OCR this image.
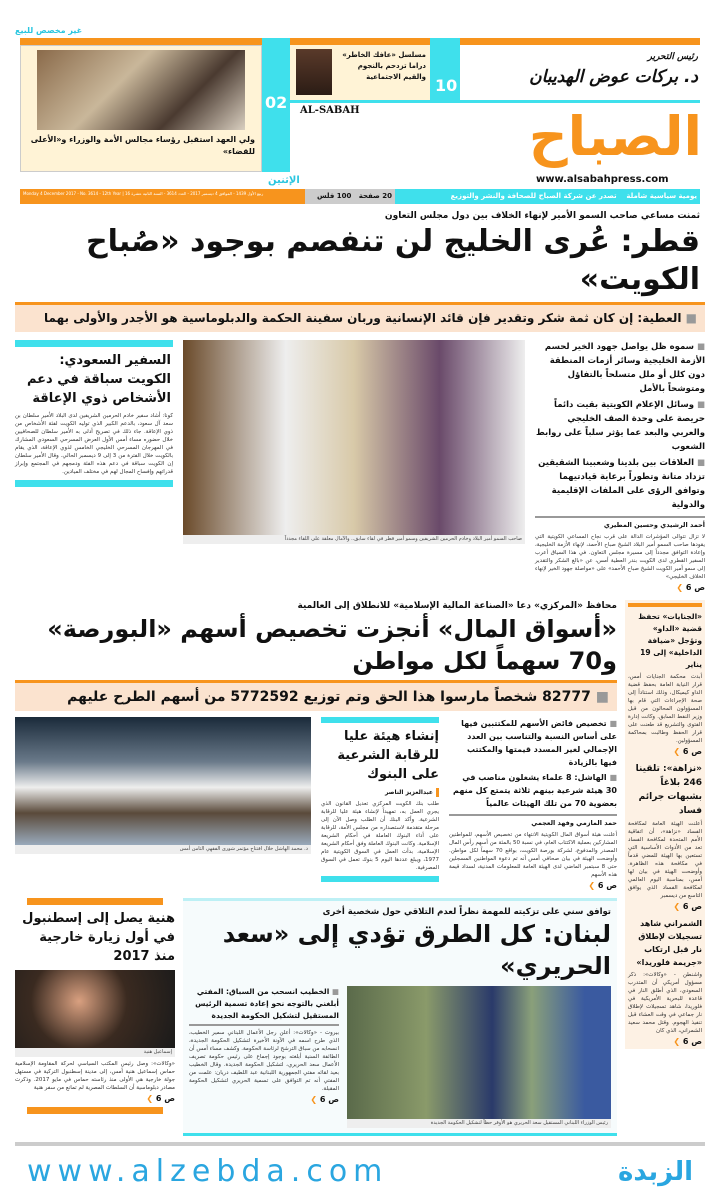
غير مخصص للبيع
ولي العهد استقبل رؤساء مجالس الأمة والوزراء و«الأعلى للقضاء»
02
مسلسل «عافك الخاطر» دراما تزدحم بالنجوم والقيم الاجتماعية 10
رئيس التحرير
د. بركات عوض الهديبان
AL-SABAH	الصباح
www.alsabahpress.com
الإثنين
Monday 4 December 2017 - No. 3614 - 12th Year | 16 ربيع الأول 1439 - الموافق 4 ديسمبر 2017 - العدد 3614 - السنة الثانية عشرة	20 صفحة   100 فلس	يومية سياسية شاملة    تصدر عن شركة الصباح للصحافة والنشر والتوزيع
ثمنت مساعي صاحب السمو الأمير لإنهاء الخلاف بين دول مجلس التعاون
قطر: عُرى الخليج لن تنفصم بوجود «صُباح الكويت»
■ العطية: إن كان ثمة شكر وتقدير فإن قائد الإنسانية وربان سفينة الحكمة والدبلوماسية هو الأجدر والأولى بهما
■ سموه ظل يواصل جهود الخير لحسم الأزمة الخليجية وسائر أزمات المنطقة دون كلل أو ملل متسلحاً بالتفاؤل ومتوشحاً بالأمل
■ وسائل الإعلام الكويتية بقيت دائماً حريصة على وحدة الصف الخليجي والعربي والبعد عما يؤثر سلباً على روابط الشعوب
■ العلاقات بين بلدينا وشعبينا الشقيقين تزداد متانة وتطوراً برعاية قيادتيهما وتوافق الرؤى على الملفات الإقليمية والدولية
أحمد الرشيدي وحسين المطيري
لا تزال تتوالى المؤشرات الدالة على قرب نجاح المساعي الكويتية التي يقودها صاحب السمو أمير البلاد الشيخ صباح الأحمد، لإنهاء الأزمة الخليجية، وإعادة التوافق مجدداً إلى مسيرة مجلس التعاون. في هذا السياق أعرب السفير القطري لدى الكويت بندر العطية أمس، عن «بالغ الشكر والتقدير إلى سمو أمير الكويت الشيخ صباح الأحمد» على «مواصلة جهود الخير لإنهاء الخلاف الخليجي»
ص 6 ❯
صاحب السمو أمير البلاد وخادم الحرمين الشريفين وسمو أمير قطر في لقاء سابق.. والآمال معلقة على اللقاء مجدداً
السفير السعودي: الكويت سباقة في دعم الأشخاص ذوي الإعاقة
كونا: أشاد سفير خادم الحرمين الشريفين لدى البلاد الأمير سلطان بن سعد آل سعود، بالدعم الكبير الذي توليه الكويت لفئة الأشخاص من ذوي الإعاقة. جاء ذلك في تصريح أدلى به الأمير سلطان للصحافيين خلال حضوره مساء أمس الأول العرض المسرحي السعودي المشارك في المهرجان المسرحي الخليجي الخامس لذوي الإعاقة، الذي يقام بالكويت خلال الفترة من 3 إلى 9 ديسمبر الحالي. وقال الأمير سلطان إن الكويت سباقة في دعم هذه الفئة ودمجهم في المجتمع وإبراز قدراتهم وإفساح المجال لهم في مختلف الميادين.
«الجنايات» تحفظ قضية «الداو» وتؤجل «ضيافة الداخلية» إلى 19 يناير
أبدت محكمة الجنايات أمس، قرار النيابة العامة بحفظ قضية الداو كيميكال، وذلك استناداً إلى صحة الإجراءات التي قام بها المسؤولون المحالون من قبل وزير النفط السابق. وكانت إدارة الفتوى والتشريع قد طعنت على قرار الحفظ وطالبت بمحاكمة المسؤولين.
ص 6 ❯
«نزاهة»: تلقينا 246 بلاغاً بشبهات جرائم فساد
أعلنت الهيئة العامة لمكافحة الفساد «نزاهة»، أن اتفاقية الأمم المتحدة لمكافحة الفساد تعد من الأدوات الأساسية التي تستعين بها الهيئة للمضي قدماً في مكافحة هذه الظاهرة. وأوضحت الهيئة في بيان لها أمس، بمناسبة اليوم العالمي لمكافحة الفساد الذي يوافق التاسع من ديسمبر
ص 6 ❯
الشمراني شاهد تسجيلات لإطلاق نار قبل ارتكاب «جريمة فلوريدا»
واشنطن - «وكالات»: ذكر مسؤول أمريكي أن المتدرب السعودي، الذي أطلق النار في قاعدة للبحرية الأمريكية في فلوريدا، شاهد تسجيلات لإطلاق نار جماعي في وقت العشاء قبل تنفيذ الهجوم. وقتل محمد سعيد الشمراني، الذي كان
ص 6 ❯
محافظ «المركزي» دعا «الصناعة المالية الإسلامية» للانطلاق إلى العالمية
«أسواق المال» أنجزت تخصيص أسهم «البورصة» و70 سهماً لكل مواطن
■ 82777 شخصاً مارسوا هذا الحق وتم توزيع 5772592 من أسهم الطرح عليهم
■ تخصيص فائض الأسهم للمكتتبين فيها على أساس النسبة والتناسب بين العدد الإجمالي لغير المسدد قيمتها والمكتتب فيها بالزيادة
■ الهاشل: 8 علماء يشغلون مناصب في 30 هيئة شرعية بينهم ثلاثة يتمتع كل منهم بعضوية 70 من تلك الهيئات عالمياً
حمد المازمي وفهد العجمي
أعلنت هيئة أسواق المال الكويتية الانتهاء من تخصيص الأسهم، للمواطنين المشاركين بعملية الاكتتاب العام، في نسبة 50 بالمئة من أسهم رأس المال المصدر والمدفوع، لشركة بورصة الكويت، بواقع 70 سهماً لكل مواطن. وأوضحت الهيئة في بيان صحافي أمس أنه تم دعوة المواطنين المسجلين حتى 8 سبتمبر الماضي لدى الهيئة العامة للمعلومات المدنية، لسداد قيمة هذه الأسهم
ص 6 ❯
إنشاء هيئة عليا للرقابة الشرعية على البنوك
عبدالعزيز الناصر
طلب بنك الكويت المركزي تعديل القانون الذي يجري العمل به، تمهيداً لإنشاء هيئة عليا للرقابة الشرعية. وأكد البنك أن الطلب وصل الآن إلى مرحلة متقدمة لاستصداره من مجلس الأمة، للرقابة على أداء البنوك العاملة في أحكام الشريعة الإسلامية. وكانت البنوك العاملة وفق أحكام الشريعة الإسلامية، بدأت العمل في السوق الكويتية عام 1977، ويبلغ عددها اليوم 5 بنوك تعمل في السوق المصرفية.
د. محمد الهاشل خلال افتتاح مؤتمر شورى الفقهي الثامن أمس
توافق سني على تزكيته للمهمة نظراً لعدم التلاقي حول شخصية أخرى
لبنان: كل الطرق تؤدي إلى «سعد الحريري»
رئيس الوزراء اللبناني المستقيل سعد الحريري هو الأوفر حظاً لتشكيل الحكومة الجديدة
■ الخطيب انسحب من السباق: المفتي أبلغني بالتوجه نحو إعادة تسمية الرئيس المستقيل لتشكيل الحكومة الجديدة
بيروت - «وكالات»: أعلن رجل الأعمال اللبناني سمير الخطيب، الذي طرح اسمه في الآونة الأخيرة لتشكيل الحكومة الجديدة، انسحابه من سباق الترشح لرئاسة الحكومة. وكشف مساء أمس أن الطائفة السنية أبلغته بوجود إجماع على رئيس حكومة تصريف الأعمال سعد الحريري، لتشكيل الحكومة الجديدة. وقال الخطيب بعيد لقائه مفتي الجمهورية اللبنانية عبد اللطيف دريان: علمت من المفتي أنه تم التوافق على تسمية الحريري لتشكيل الحكومة المقبلة.
ص 6 ❯
هنية يصل إلى إسطنبول في أول زيارة خارجية منذ 2017
إسماعيل هنية
«وكالات»: وصل رئيس المكتب السياسي لحركة المقاومة الإسلامية حماس إسماعيل هنية أمس، إلى مدينة إسطنبول التركية في مستهل جولة خارجية هي الأولى منذ رئاسته حماس في مايو 2017. وذكرت مصادر دبلوماسية أن السلطات المصرية لم تمانع من سفر هنية
ص 6 ❯
www.alzebda.com	الزبدة
